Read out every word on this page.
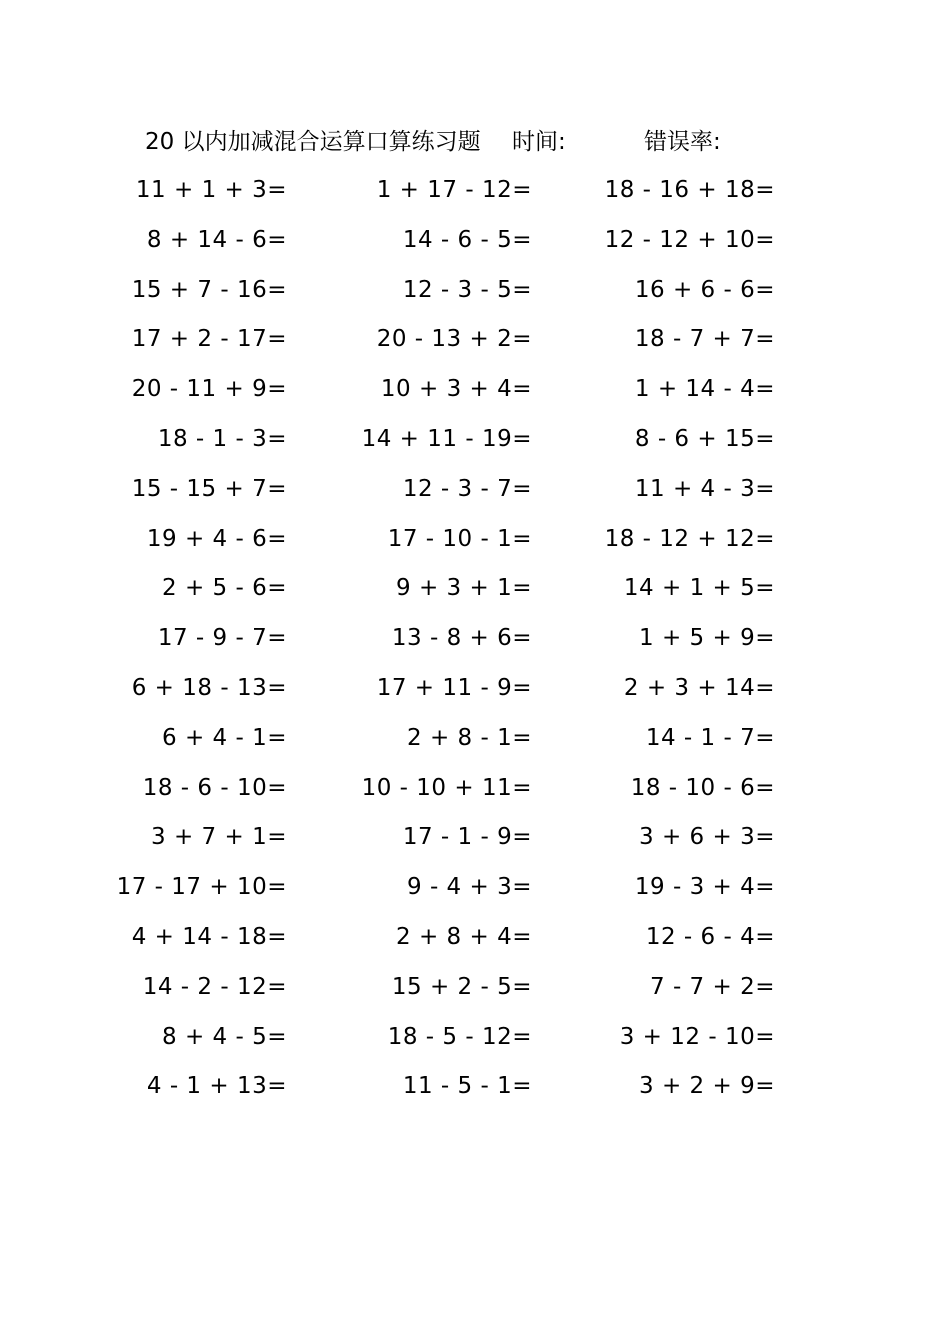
20 以内加减混合运算口算练习题 时间:	错误率:
11 + 1 + 3=	1 + 17 - 12=	18 - 16 + 18=
8 + 14 - 6=	14 - 6 - 5=	12 - 12 + 10=
15 + 7 - 16=	12 - 3 - 5=	16 + 6 - 6=
17 + 2 - 17=	20 - 13 + 2=	18 - 7 + 7=
20 - 11 + 9=	10 + 3 + 4=	1 + 14 - 4=
18 - 1 - 3=	14 + 11 - 19=	8 - 6 + 15=
15 - 15 + 7=	12 - 3 - 7=	11 + 4 - 3=
19 + 4 - 6=	17 - 10 - 1=	18 - 12 + 12=
2 + 5 - 6=	9 + 3 + 1=	14 + 1 + 5=
17 - 9 - 7=	13 - 8 + 6=	1 + 5 + 9=
6 + 18 - 13=	17 + 11 - 9=	2 + 3 + 14=
6 + 4 - 1=	2 + 8 - 1=	14 - 1 - 7=
18 - 6 - 10=	10 - 10 + 11=	18 - 10 - 6=
3 + 7 + 1=	17 - 1 - 9=	3 + 6 + 3=
17 - 17 + 10=	9 - 4 + 3=	19 - 3 + 4=
4 + 14 - 18=	2 + 8 + 4=	12 - 6 - 4=
14 - 2 - 12=	15 + 2 - 5=	7 - 7 + 2=
8 + 4 - 5=	18 - 5 - 12=	3 + 12 - 10=
4 - 1 + 13=	11 - 5 - 1=	3 + 2 + 9=
